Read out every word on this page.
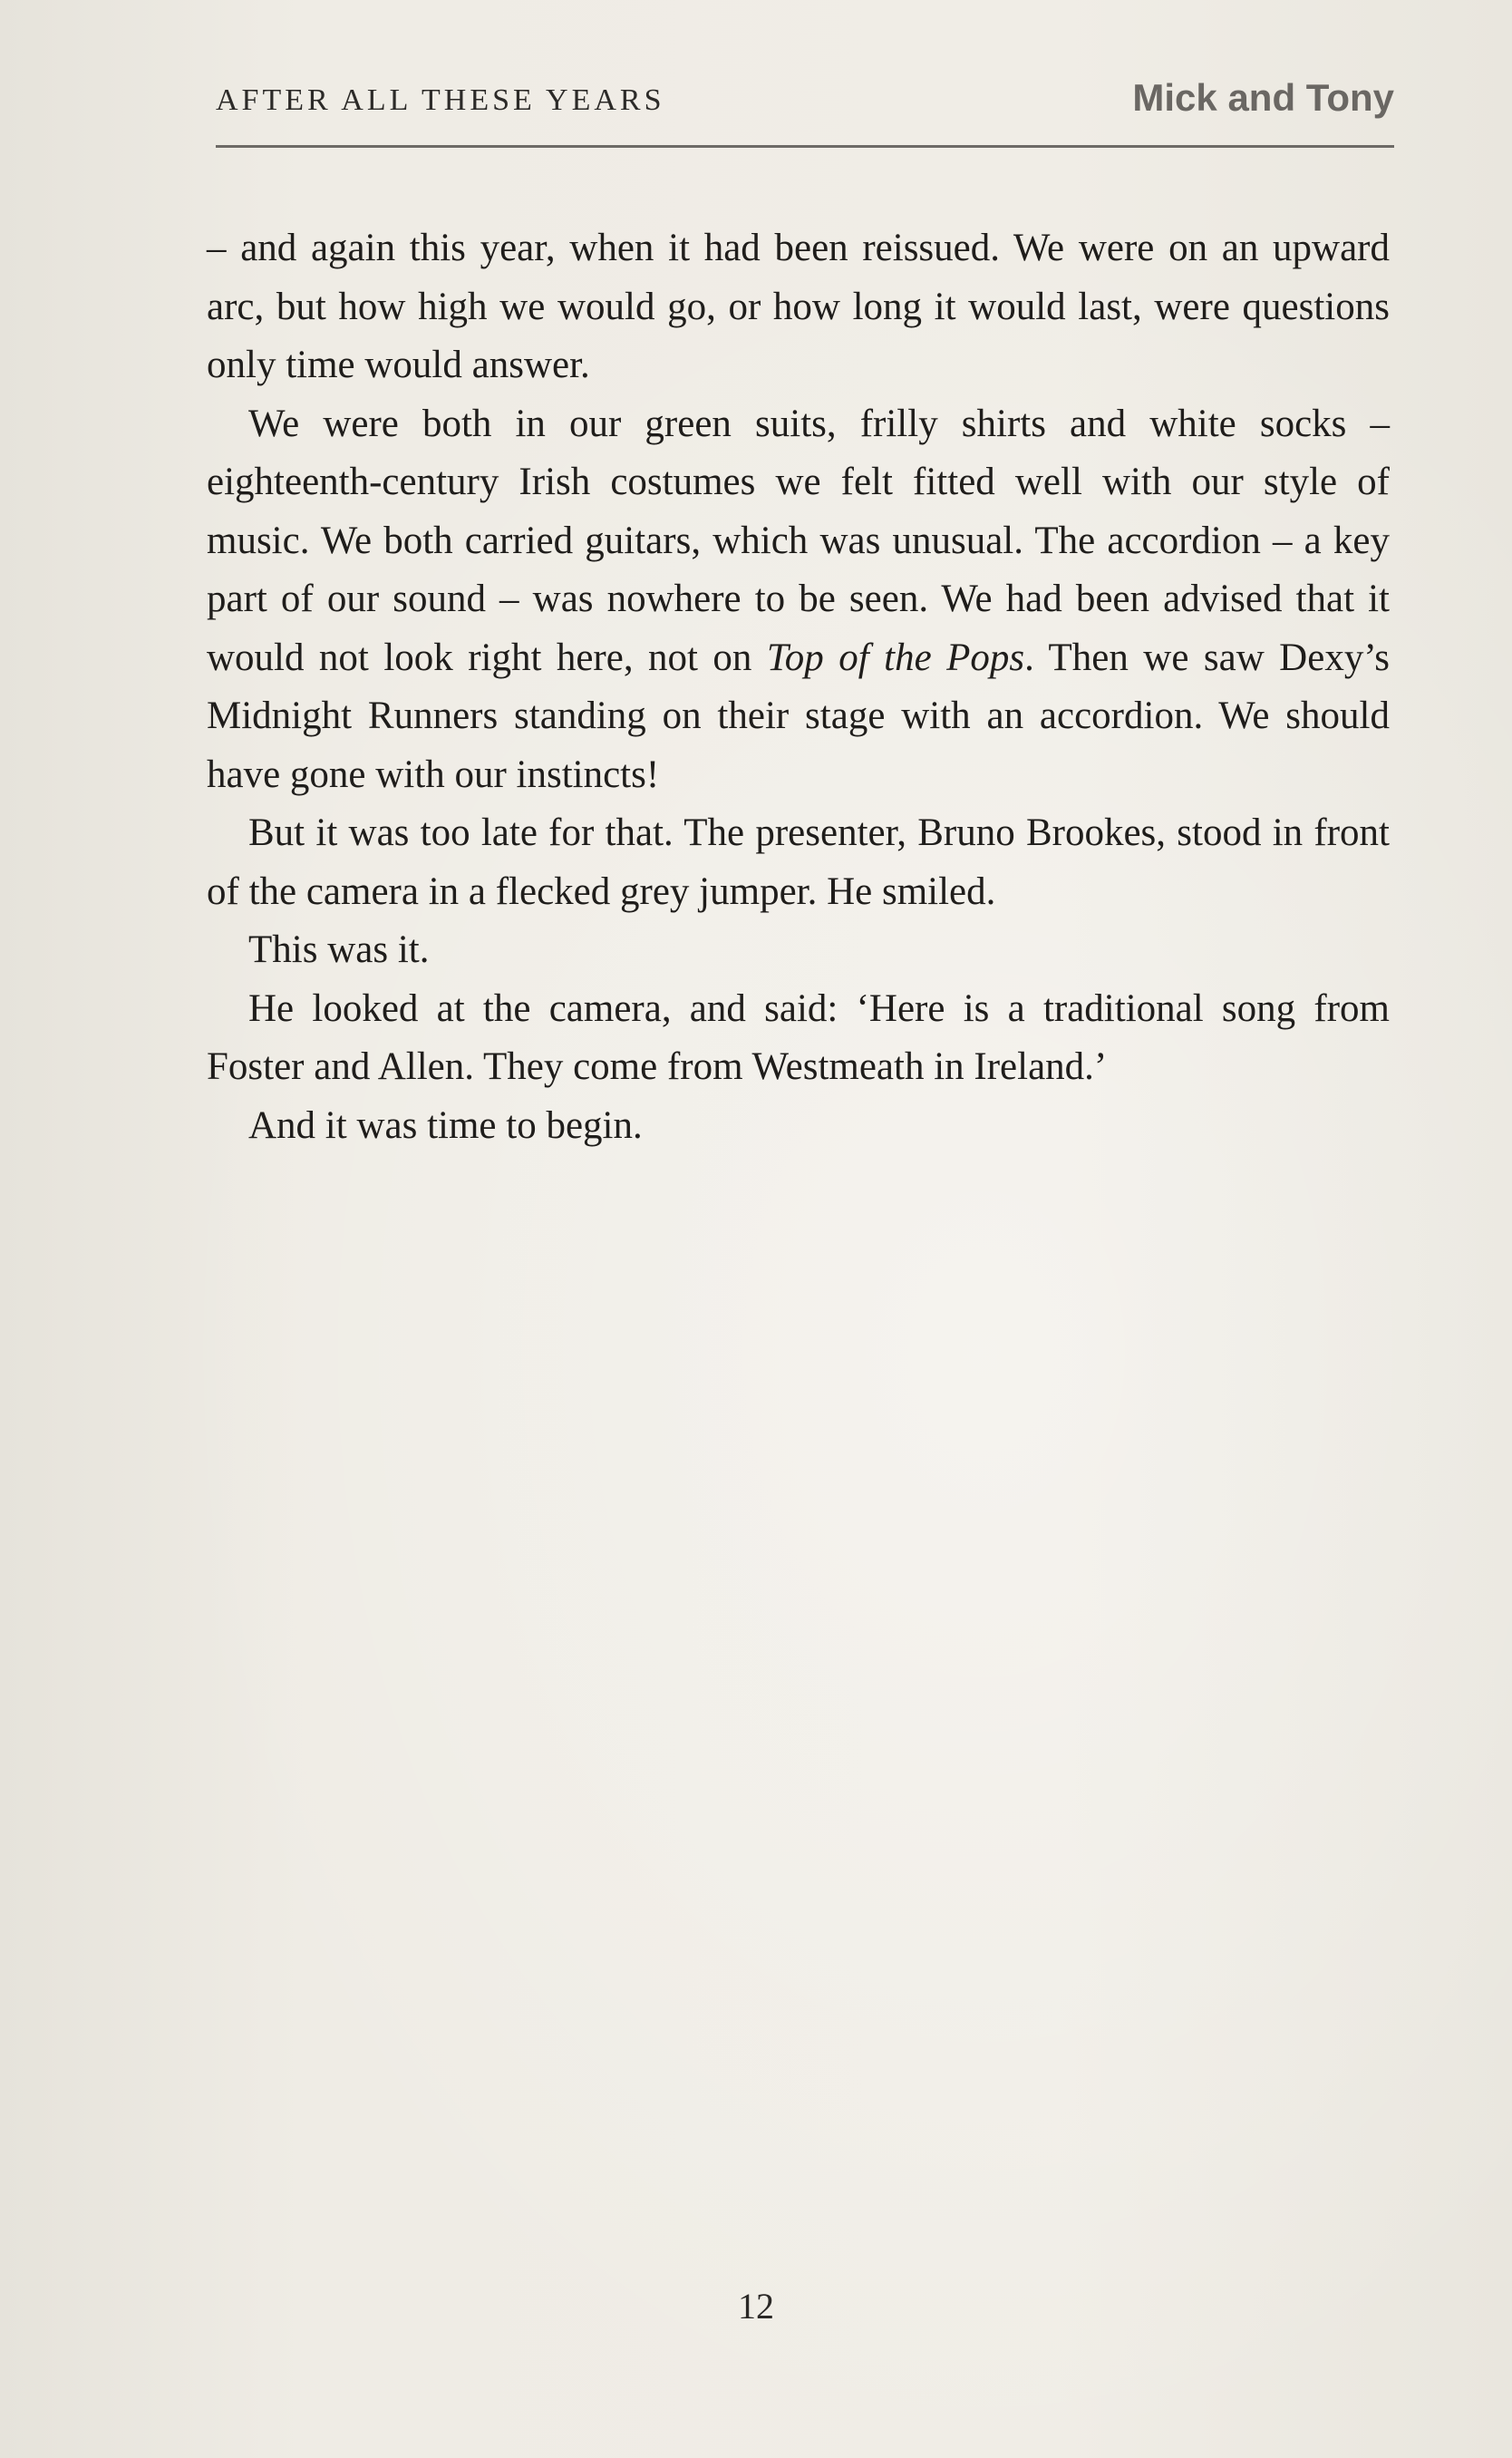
AFTER ALL THESE YEARS	Mick and Tony

– and again this year, when it had been reissued. We were on an upward arc, but how high we would go, or how long it would last, were questions only time would answer.

We were both in our green suits, frilly shirts and white socks – eighteenth-century Irish costumes we felt fitted well with our style of music. We both carried guitars, which was unusual. The accordion – a key part of our sound – was nowhere to be seen. We had been advised that it would not look right here, not on Top of the Pops. Then we saw Dexy’s Midnight Runners standing on their stage with an accordion. We should have gone with our instincts!

But it was too late for that. The presenter, Bruno Brookes, stood in front of the camera in a flecked grey jumper. He smiled.

This was it.

He looked at the camera, and said: ‘Here is a traditional song from Foster and Allen. They come from Westmeath in Ireland.’

And it was time to begin.

12
